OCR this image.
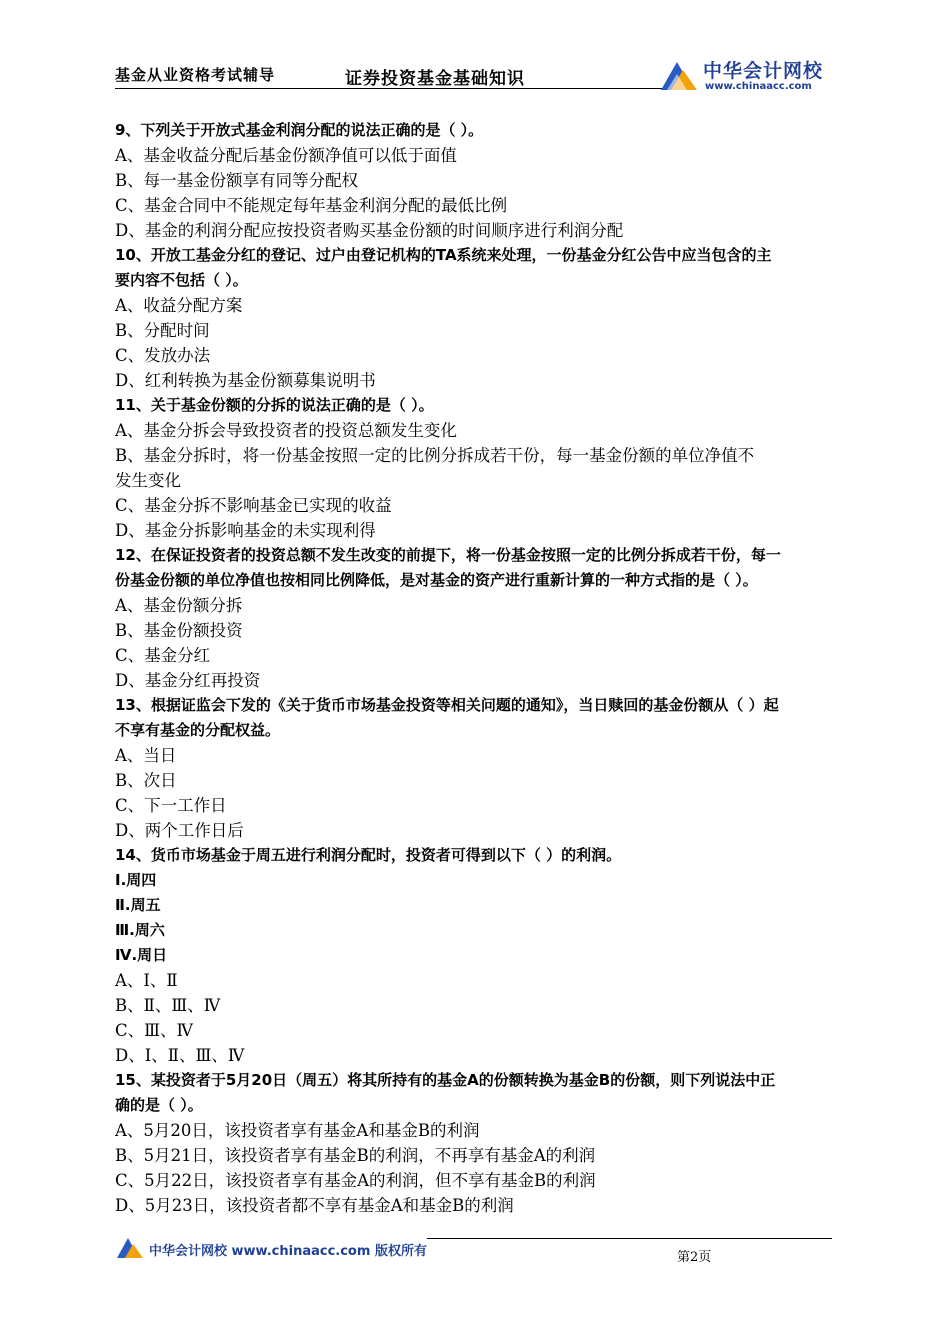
基金从业资格考试辅导	证券投资基金基础知识	中华会计网校
www.chinaacc.com
9、下列关于开放式基金利润分配的说法正确的是（ ）。
A、基金收益分配后基金份额净值可以低于面值
B、每一基金份额享有同等分配权
C、基金合同中不能规定每年基金利润分配的最低比例
D、基金的利润分配应按投资者购买基金份额的时间顺序进行利润分配
10、开放工基金分红的登记、过户由登记机构的TA系统来处理，一份基金分红公告中应当包含的主
要内容不包括（ ）。
A、收益分配方案
B、分配时间
C、发放办法
D、红利转换为基金份额募集说明书
11、关于基金份额的分拆的说法正确的是（ ）。
A、基金分拆会导致投资者的投资总额发生变化
B、基金分拆时，将一份基金按照一定的比例分拆成若干份，每一基金份额的单位净值不
发生变化
C、基金分拆不影响基金已实现的收益
D、基金分拆影响基金的未实现利得
12、在保证投资者的投资总额不发生改变的前提下，将一份基金按照一定的比例分拆成若干份，每一
份基金份额的单位净值也按相同比例降低，是对基金的资产进行重新计算的一种方式指的是（ ）。
A、基金份额分拆
B、基金份额投资
C、基金分红
D、基金分红再投资
13、根据证监会下发的《关于货币市场基金投资等相关问题的通知》，当日赎回的基金份额从（ ）起
不享有基金的分配权益。
A、当日
B、次日
C、下一工作日
D、两个工作日后
14、货币市场基金于周五进行利润分配时，投资者可得到以下（ ）的利润。
Ⅰ.周四
Ⅱ.周五
Ⅲ.周六
Ⅳ.周日
A、Ⅰ、Ⅱ
B、Ⅱ、Ⅲ、Ⅳ
C、Ⅲ、Ⅳ
D、Ⅰ、Ⅱ、Ⅲ、Ⅳ
15、某投资者于5月20日（周五）将其所持有的基金A的份额转换为基金B的份额，则下列说法中正
确的是（ ）。
A、5月20日，该投资者享有基金A和基金B的利润
B、5月21日，该投资者享有基金B的利润，不再享有基金A的利润
C、5月22日，该投资者享有基金A的利润，但不享有基金B的利润
D、5月23日，该投资者都不享有基金A和基金B的利润
中华会计网校 www.chinaacc.com 版权所有	第2页
